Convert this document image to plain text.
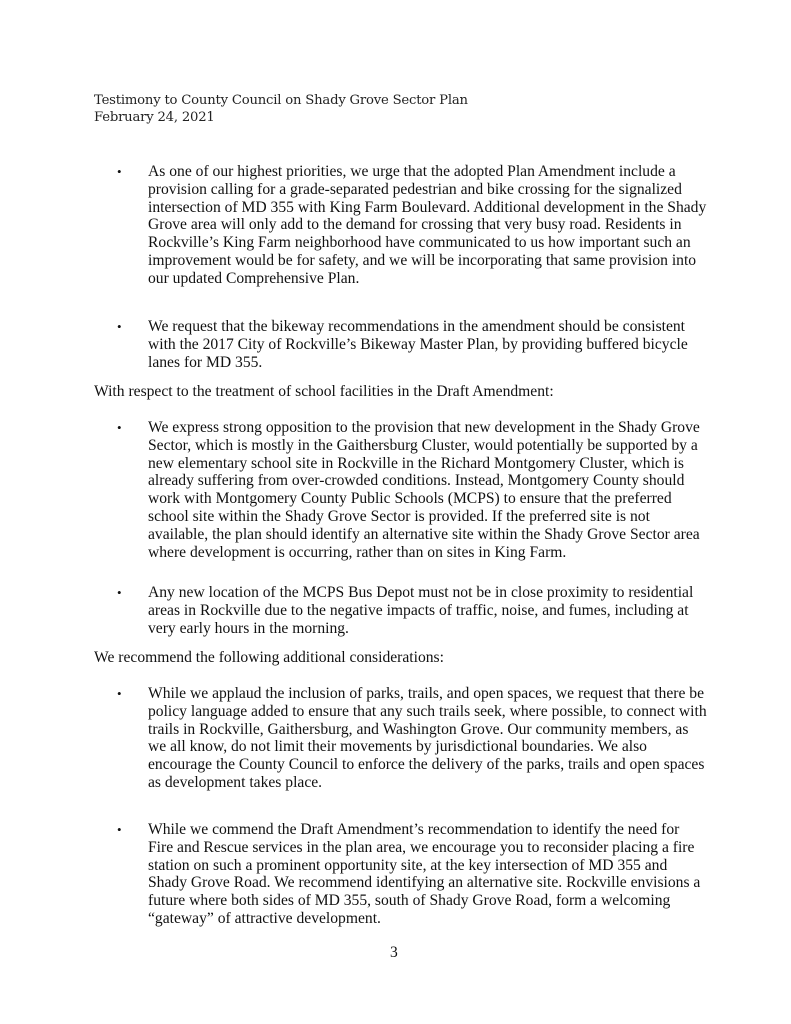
Testimony to County Council on Shady Grove Sector Plan
February 24, 2021
• As one of our highest priorities, we urge that the adopted Plan Amendment include a
provision calling for a grade-separated pedestrian and bike crossing for the signalized
intersection of MD 355 with King Farm Boulevard. Additional development in the Shady
Grove area will only add to the demand for crossing that very busy road. Residents in
Rockville’s King Farm neighborhood have communicated to us how important such an
improvement would be for safety, and we will be incorporating that same provision into
our updated Comprehensive Plan.
• We request that the bikeway recommendations in the amendment should be consistent
with the 2017 City of Rockville’s Bikeway Master Plan, by providing buffered bicycle
lanes for MD 355.
With respect to the treatment of school facilities in the Draft Amendment:
• We express strong opposition to the provision that new development in the Shady Grove
Sector, which is mostly in the Gaithersburg Cluster, would potentially be supported by a
new elementary school site in Rockville in the Richard Montgomery Cluster, which is
already suffering from over-crowded conditions. Instead, Montgomery County should
work with Montgomery County Public Schools (MCPS) to ensure that the preferred
school site within the Shady Grove Sector is provided. If the preferred site is not
available, the plan should identify an alternative site within the Shady Grove Sector area
where development is occurring, rather than on sites in King Farm.
• Any new location of the MCPS Bus Depot must not be in close proximity to residential
areas in Rockville due to the negative impacts of traffic, noise, and fumes, including at
very early hours in the morning.
We recommend the following additional considerations:
• While we applaud the inclusion of parks, trails, and open spaces, we request that there be
policy language added to ensure that any such trails seek, where possible, to connect with
trails in Rockville, Gaithersburg, and Washington Grove. Our community members, as
we all know, do not limit their movements by jurisdictional boundaries. We also
encourage the County Council to enforce the delivery of the parks, trails and open spaces
as development takes place.
• While we commend the Draft Amendment’s recommendation to identify the need for
Fire and Rescue services in the plan area, we encourage you to reconsider placing a fire
station on such a prominent opportunity site, at the key intersection of MD 355 and
Shady Grove Road. We recommend identifying an alternative site. Rockville envisions a
future where both sides of MD 355, south of Shady Grove Road, form a welcoming
“gateway” of attractive development.
3
